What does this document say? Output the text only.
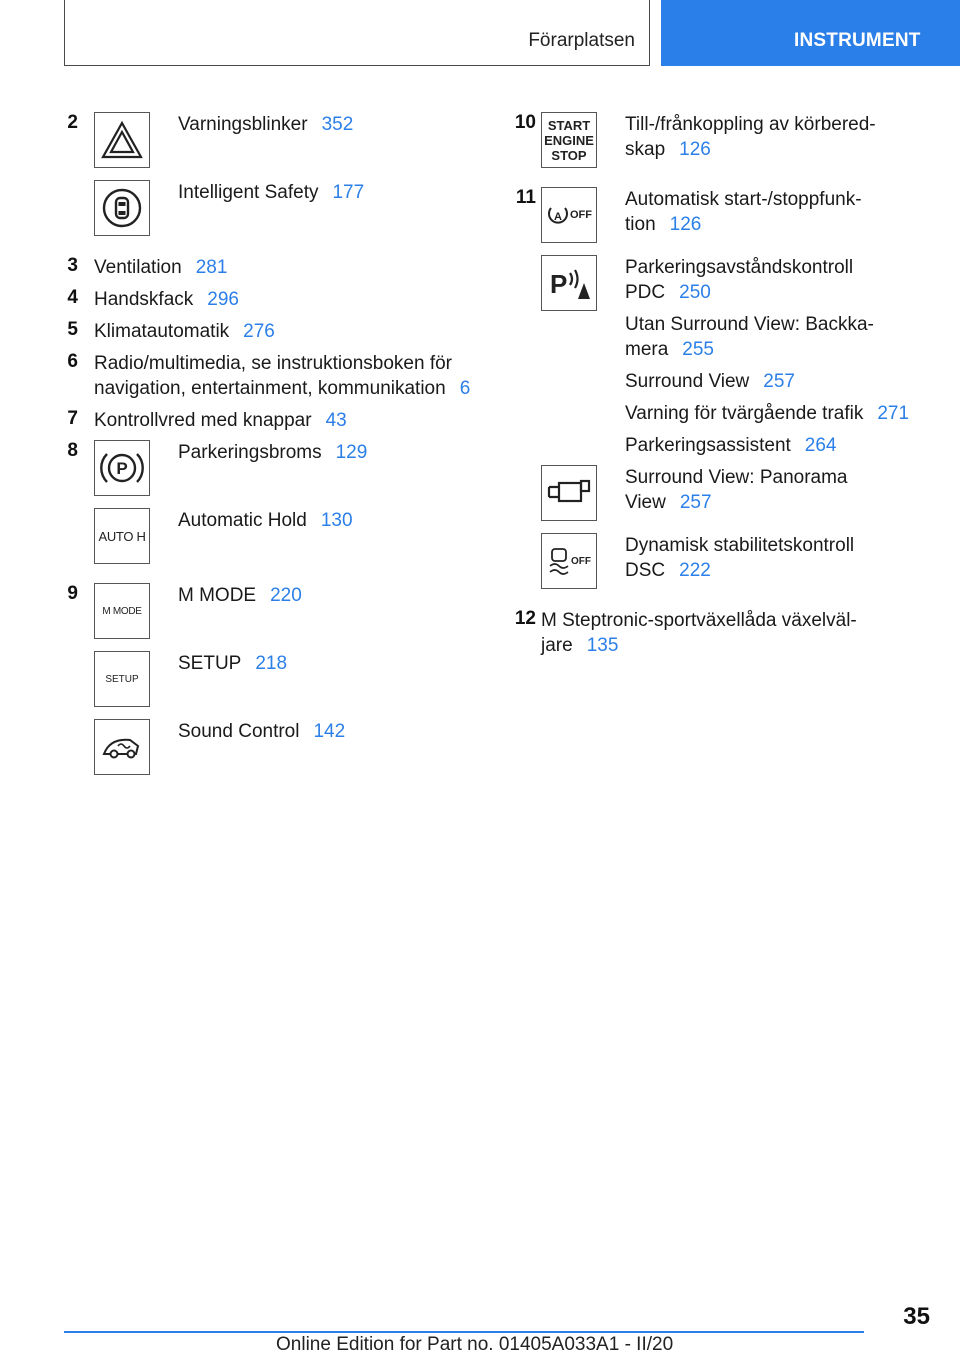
Förarplatsen	INSTRUMENT
2	Varningsblinker 352
Intelligent Safety 177
3 Ventilation 281
4 Handskfack 296
5 Klimatautomatik 276
6 Radio/multimedia, se instruktionsboken för
navigation, entertainment, kommunikation 6
7 Kontrollvred med knappar 43
8
P
Parkeringsbroms 129
AUTO H
Automatic Hold 130
9
M MODE
M MODE 220
SETUP
SETUP 218
Sound Control 142
10 START
ENGINE
STOP
Till-/frånkoppling av körbered-
skap 126
11
A OFF
Automatisk start-/stoppfunk-
tion 126
P
Parkeringsavståndskontroll
PDC 250
Utan Surround View: Backka-
mera 255
Surround View 257
Varning för tvärgående trafik 271
Parkeringsassistent 264
Surround View: Panorama
View 257
OFF
Dynamisk stabilitetskontroll
DSC 222
12 M Steptronic-sportväxellåda växelväl-
jare 135
35
Online Edition for Part no. 01405A033A1 - II/20
